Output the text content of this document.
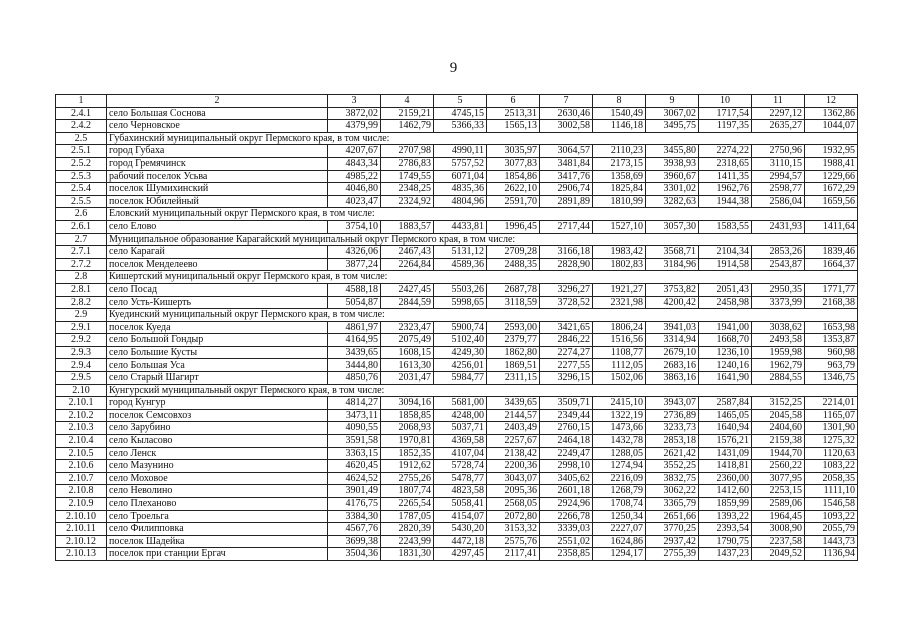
9
1	2	3	4	5	6	7	8	9	10	11	12
2.4.1	село Большая Соснова	3872,02	2159,21	4745,15	2513,31	2630,46	1540,49	3067,02	1717,54	2297,12	1362,86
2.4.2	село Черновское	4379,99	1462,79	5366,33	1565,13	3002,58	1146,18	3495,75	1197,35	2635,27	1044,07
2.5	Губахинский муниципальный округ Пермского края, в том числе:										
2.5.1	город Губаха	4207,67	2707,98	4990,11	3035,97	3064,57	2110,23	3455,80	2274,22	2750,96	1932,95
2.5.2	город Гремячинск	4843,34	2786,83	5757,52	3077,83	3481,84	2173,15	3938,93	2318,65	3110,15	1988,41
2.5.3	рабочий поселок Усьва	4985,22	1749,55	6071,04	1854,86	3417,76	1358,69	3960,67	1411,35	2994,57	1229,66
2.5.4	поселок Шумихинский	4046,80	2348,25	4835,36	2622,10	2906,74	1825,84	3301,02	1962,76	2598,77	1672,29
2.5.5	поселок Юбилейный	4023,47	2324,92	4804,96	2591,70	2891,89	1810,99	3282,63	1944,38	2586,04	1659,56
2.6	Еловский муниципальный округ Пермского края, в том числе:										
2.6.1	село Елово	3754,10	1883,57	4433,81	1996,45	2717,44	1527,10	3057,30	1583,55	2431,93	1411,64
2.7	Муниципальное образование Карагайский муниципальный округ Пермского края, в том числе:										
2.7.1	село Карагай	4326,06	2467,43	5131,12	2709,28	3166,18	1983,42	3568,71	2104,34	2853,26	1839,46
2.7.2	поселок Менделеево	3877,24	2264,84	4589,36	2488,35	2828,90	1802,83	3184,96	1914,58	2543,87	1664,37
2.8	Кишертский муниципальный округ Пермского края, в том числе:										
2.8.1	село Посад	4588,18	2427,45	5503,26	2687,78	3296,27	1921,27	3753,82	2051,43	2950,35	1771,77
2.8.2	село Усть-Кишерть	5054,87	2844,59	5998,65	3118,59	3728,52	2321,98	4200,42	2458,98	3373,99	2168,38
2.9	Куединский муниципальный округ Пермского края, в том числе:										
2.9.1	поселок Куеда	4861,97	2323,47	5900,74	2593,00	3421,65	1806,24	3941,03	1941,00	3038,62	1653,98
2.9.2	село Большой Гондыр	4164,95	2075,49	5102,40	2379,77	2846,22	1516,56	3314,94	1668,70	2493,58	1353,87
2.9.3	село Большие Кусты	3439,65	1608,15	4249,30	1862,80	2274,27	1108,77	2679,10	1236,10	1959,98	960,98
2.9.4	село Большая Уса	3444,80	1613,30	4256,01	1869,51	2277,55	1112,05	2683,16	1240,16	1962,79	963,79
2.9.5	село Старый Шагирт	4850,76	2031,47	5984,77	2311,15	3296,15	1502,06	3863,16	1641,90	2884,55	1346,75
2.10	Кунгурский муниципальный округ Пермского края, в том числе:										
2.10.1	город Кунгур	4814,27	3094,16	5681,00	3439,65	3509,71	2415,10	3943,07	2587,84	3152,25	2214,01
2.10.2	поселок Семсовхоз	3473,11	1858,85	4248,00	2144,57	2349,44	1322,19	2736,89	1465,05	2045,58	1165,07
2.10.3	село Зарубино	4090,55	2068,93	5037,71	2403,49	2760,15	1473,66	3233,73	1640,94	2404,60	1301,90
2.10.4	село Кыласово	3591,58	1970,81	4369,58	2257,67	2464,18	1432,78	2853,18	1576,21	2159,38	1275,32
2.10.5	село Ленск	3363,15	1852,35	4107,04	2138,42	2249,47	1288,05	2621,42	1431,09	1944,70	1120,63
2.10.6	село Мазунино	4620,45	1912,62	5728,74	2200,36	2998,10	1274,94	3552,25	1418,81	2560,22	1083,22
2.10.7	село Моховое	4624,52	2755,26	5478,77	3043,07	3405,62	2216,09	3832,75	2360,00	3077,95	2058,35
2.10.8	село Неволино	3901,49	1807,74	4823,58	2095,36	2601,18	1268,79	3062,22	1412,60	2253,15	1111,10
2.10.9	село Плеханово	4176,75	2265,54	5058,41	2568,05	2924,96	1708,74	3365,79	1859,99	2589,06	1546,58
2.10.10	село Троельга	3384,30	1787,05	4154,07	2072,80	2266,78	1250,34	2651,66	1393,22	1964,45	1093,22
2.10.11	село Филипповка	4567,76	2820,39	5430,20	3153,32	3339,03	2227,07	3770,25	2393,54	3008,90	2055,79
2.10.12	поселок Шадейка	3699,38	2243,99	4472,18	2575,76	2551,02	1624,86	2937,42	1790,75	2237,58	1443,73
2.10.13	поселок при станции Ергач	3504,36	1831,30	4297,45	2117,41	2358,85	1294,17	2755,39	1437,23	2049,52	1136,94
